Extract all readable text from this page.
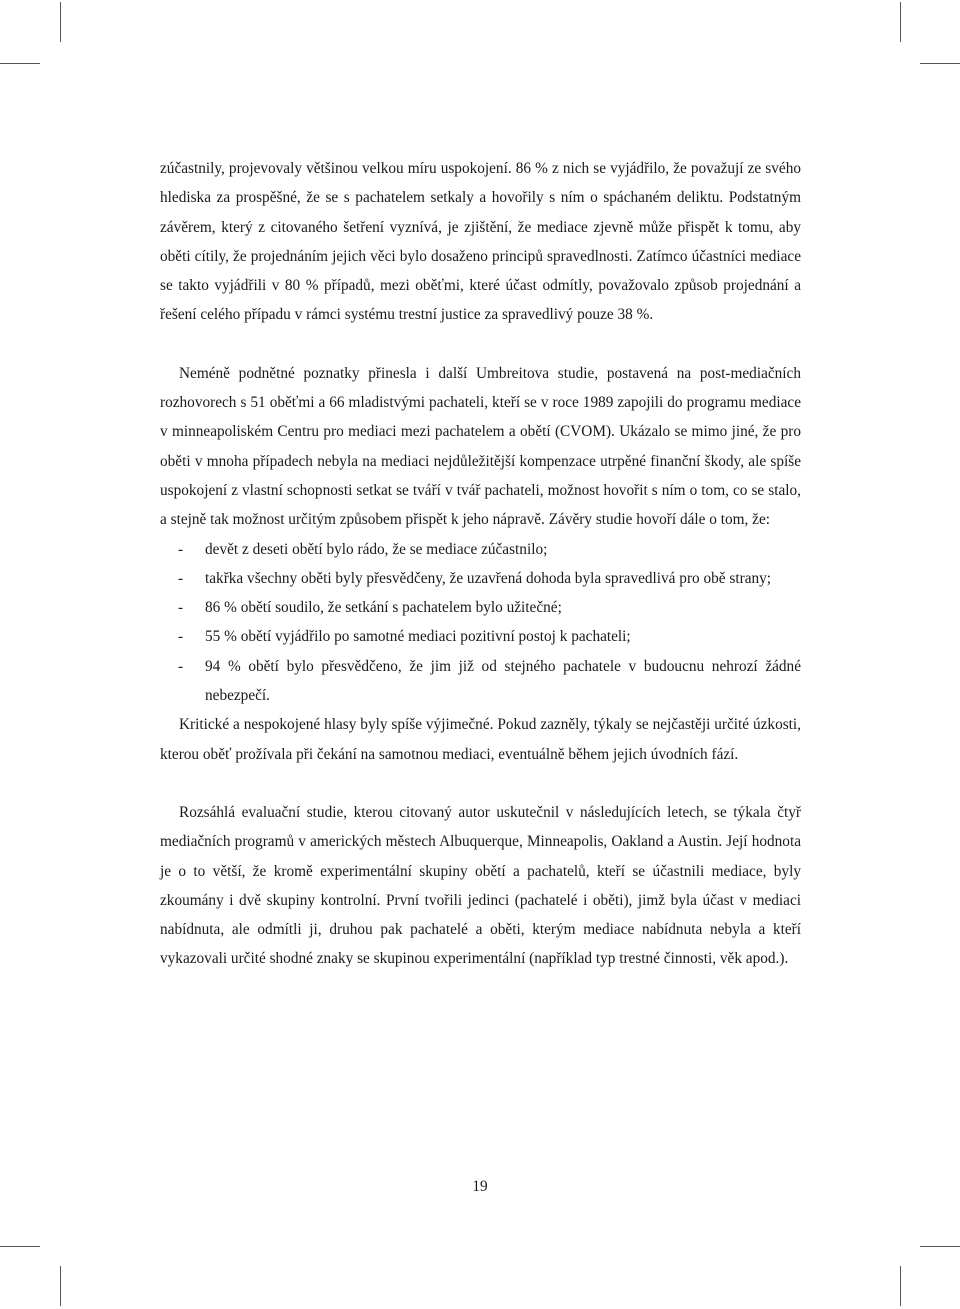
zúčastnily, projevovaly většinou velkou míru uspokojení. 86 % z nich se vyjádřilo, že považují ze svého hlediska za prospěšné, že se s pachatelem setkaly a hovořily s ním o spáchaném deliktu. Podstatným závěrem, který z citovaného šetření vyznívá, je zjištění, že mediace zjevně může přispět k tomu, aby oběti cítily, že projednáním jejich věci bylo dosaženo principů spravedlnosti. Zatímco účastníci mediace se takto vyjádřili v 80 % případů, mezi oběťmi, které účast odmítly, považovalo způsob projednání a řešení celého případu v rámci systému trestní justice za spravedlivý pouze 38 %.

Neméně podnětné poznatky přinesla i další Umbreitova studie, postavená na post-mediačních rozhovorech s 51 oběťmi a 66 mladistvými pachateli, kteří se v roce 1989 zapojili do programu mediace v minneapoliském Centru pro mediaci mezi pachatelem a obětí (CVOM). Ukázalo se mimo jiné, že pro oběti v mnoha případech nebyla na mediaci nejdůležitější kompenzace utrpěné finanční škody, ale spíše uspokojení z vlastní schopnosti setkat se tváří v tvář pachateli, možnost hovořit s ním o tom, co se stalo, a stejně tak možnost určitým způsobem přispět k jeho nápravě. Závěry studie hovoří dále o tom, že:

- devět z deseti obětí bylo rádo, že se mediace zúčastnilo;
- takřka všechny oběti byly přesvědčeny, že uzavřená dohoda byla spravedlivá pro obě strany;
- 86 % obětí soudilo, že setkání s pachatelem bylo užitečné;
- 55 % obětí vyjádřilo po samotné mediaci pozitivní postoj k pachateli;
- 94 % obětí bylo přesvědčeno, že jim již od stejného pachatele v budoucnu nehrozí žádné nebezpečí.

Kritické a nespokojené hlasy byly spíše výjimečné. Pokud zazněly, týkaly se nejčastěji určité úzkosti, kterou oběť prožívala při čekání na samotnou mediaci, eventuálně během jejich úvodních fází.

Rozsáhlá evaluační studie, kterou citovaný autor uskutečnil v následujících letech, se týkala čtyř mediačních programů v amerických městech Albuquerque, Minneapolis, Oakland a Austin. Její hodnota je o to větší, že kromě experimentální skupiny obětí a pachatelů, kteří se účastnili mediace, byly zkoumány i dvě skupiny kontrolní. První tvořili jedinci (pachatelé i oběti), jimž byla účast v mediaci nabídnuta, ale odmítli ji, druhou pak pachatelé a oběti, kterým mediace nabídnuta nebyla a kteří vykazovali určité shodné znaky se skupinou experimentální (například typ trestné činnosti, věk apod.).

19
